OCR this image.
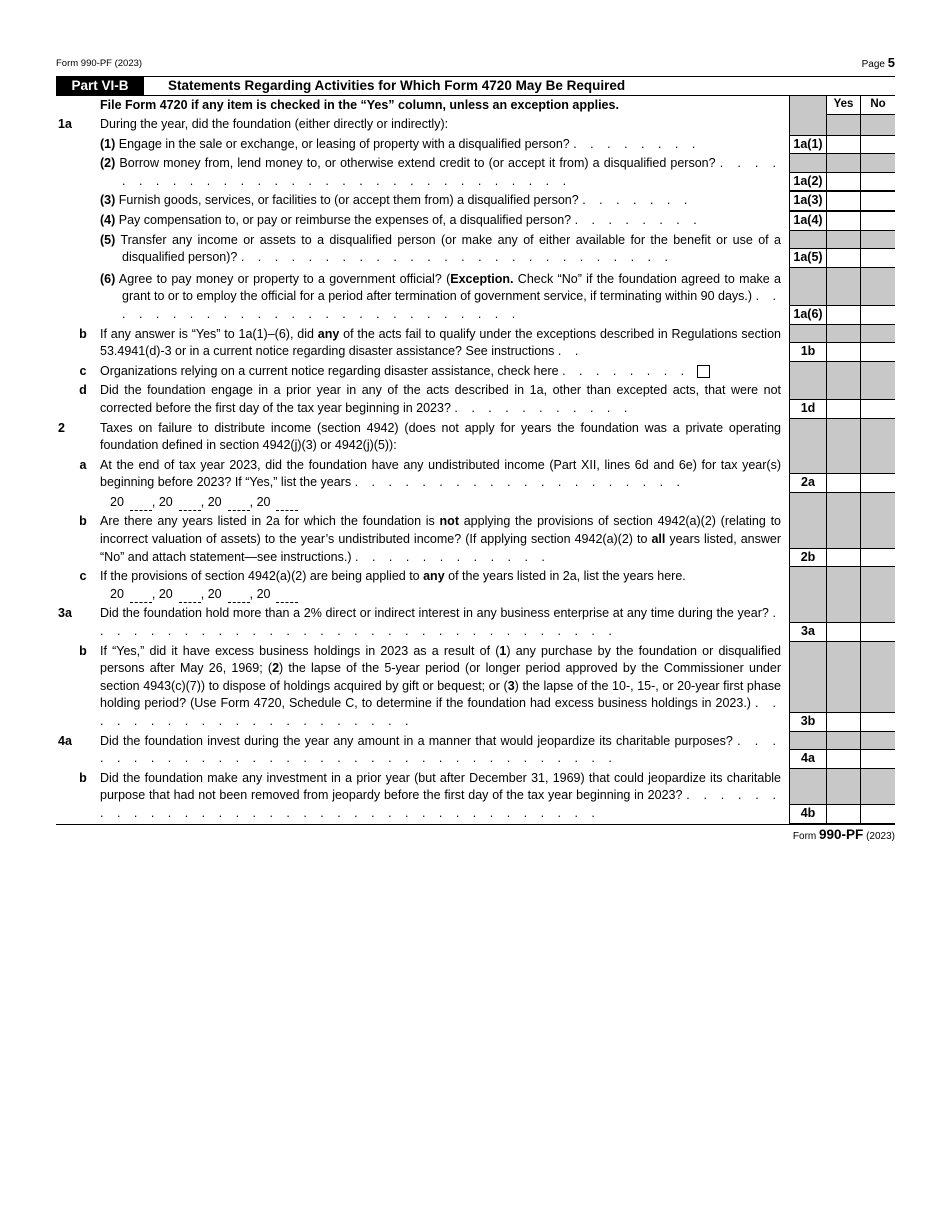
Form 990-PF (2023)	Page 5
Part VI-B	Statements Regarding Activities for Which Form 4720 May Be Required
File Form 4720 if any item is checked in the “Yes” column, unless an exception applies.	Yes	No
1a	During the year, did the foundation (either directly or indirectly):
(1) Engage in the sale or exchange, or leasing of property with a disqualified person? . . . . . . . .	1a(1)
(2) Borrow money from, lend money to, or otherwise extend credit to (or accept it from) a disqualified person? . . . . . . . . . . . . . . . . . . . . . . . . . . . . . . .	1a(2)
(3) Furnish goods, services, or facilities to (or accept them from) a disqualified person? . . . . . . .	1a(3)
(4) Pay compensation to, or pay or reimburse the expenses of, a disqualified person? . . . . . . . .	1a(4)
(5) Transfer any income or assets to a disqualified person (or make any of either available for the benefit or use of a disqualified person)? . . . . . . . . . . . . . . . . . . . . . . . . . .	1a(5)
(6) Agree to pay money or property to a government official? (Exception. Check “No” if the foundation agreed to make a grant to or to employ the official for a period after termination of government service, if terminating within 90 days.) . . . . . . . . . . . . . . . . . . . . . . . . . .	1a(6)
b	If any answer is “Yes” to 1a(1)–(6), did any of the acts fail to qualify under the exceptions described in Regulations section 53.4941(d)-3 or in a current notice regarding disaster assistance? See instructions . .	1b
c	Organizations relying on a current notice regarding disaster assistance, check here . . . . . . . .
d	Did the foundation engage in a prior year in any of the acts described in 1a, other than excepted acts, that were not corrected before the first day of the tax year beginning in 2023? . . . . . . . . . . .	1d
2	Taxes on failure to distribute income (section 4942) (does not apply for years the foundation was a private operating foundation defined in section 4942(j)(3) or 4942(j)(5)):
a	At the end of tax year 2023, did the foundation have any undistributed income (Part XII, lines 6d and 6e) for tax year(s) beginning before 2023? If “Yes,” list the years . . . . . . . . . . . . . . . . . . . .	2a
20 , 20 , 20 , 20
b	Are there any years listed in 2a for which the foundation is not applying the provisions of section 4942(a)(2) (relating to incorrect valuation of assets) to the year’s undistributed income? (If applying section 4942(a)(2) to all years listed, answer “No” and attach statement—see instructions.) . . . . . . . . . . . .	2b
c	If the provisions of section 4942(a)(2) are being applied to any of the years listed in 2a, list the years here.
20 , 20 , 20 , 20
3a	Did the foundation hold more than a 2% direct or indirect interest in any business enterprise at any time during the year? . . . . . . . . . . . . . . . . . . . . . . . . . . . . . . . .	3a
b	If “Yes,” did it have excess business holdings in 2023 as a result of (1) any purchase by the foundation or disqualified persons after May 26, 1969; (2) the lapse of the 5-year period (or longer period approved by the Commissioner under section 4943(c)(7)) to dispose of holdings acquired by gift or bequest; or (3) the lapse of the 10-, 15-, or 20-year first phase holding period? (Use Form 4720, Schedule C, to determine if the foundation had excess business holdings in 2023.) . . . . . . . . . . . . . . . . . . . . .	3b
4a	Did the foundation invest during the year any amount in a manner that would jeopardize its charitable purposes? . . . . . . . . . . . . . . . . . . . . . . . . . . . . . . . . . .	4a
b	Did the foundation make any investment in a prior year (but after December 31, 1969) that could jeopardize its charitable purpose that had not been removed from jeopardy before the first day of the tax year beginning in 2023? . . . . . . . . . . . . . . . . . . . . . . . . . . . . . . . . . . . .	4b
Form 990-PF (2023)
